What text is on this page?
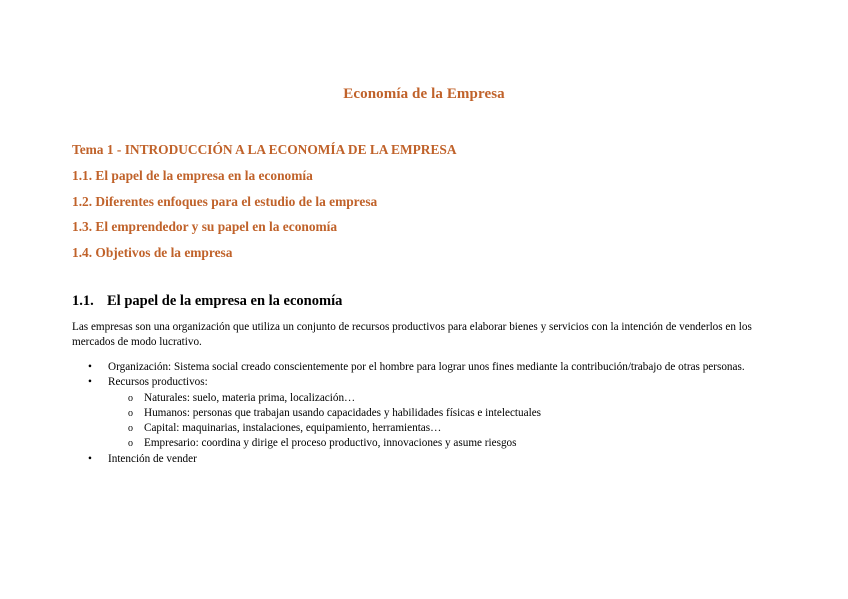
Economía de la Empresa
Tema 1 - INTRODUCCIÓN A LA ECONOMÍA DE LA EMPRESA
1.1. El papel de la empresa en la economía
1.2. Diferentes enfoques para el estudio de la empresa
1.3. El emprendedor y su papel en la economía
1.4. Objetivos de la empresa
1.1. El papel de la empresa en la economía
Las empresas son una organización que utiliza un conjunto de recursos productivos para elaborar bienes y servicios con la intención de venderlos en los mercados de modo lucrativo.
• Organización: Sistema social creado conscientemente por el hombre para lograr unos fines mediante la contribución/trabajo de otras personas.
• Recursos productivos:
o Naturales: suelo, materia prima, localización…
o Humanos: personas que trabajan usando capacidades y habilidades físicas e intelectuales
o Capital: maquinarias, instalaciones, equipamiento, herramientas…
o Empresario: coordina y dirige el proceso productivo, innovaciones y asume riesgos
• Intención de vender
